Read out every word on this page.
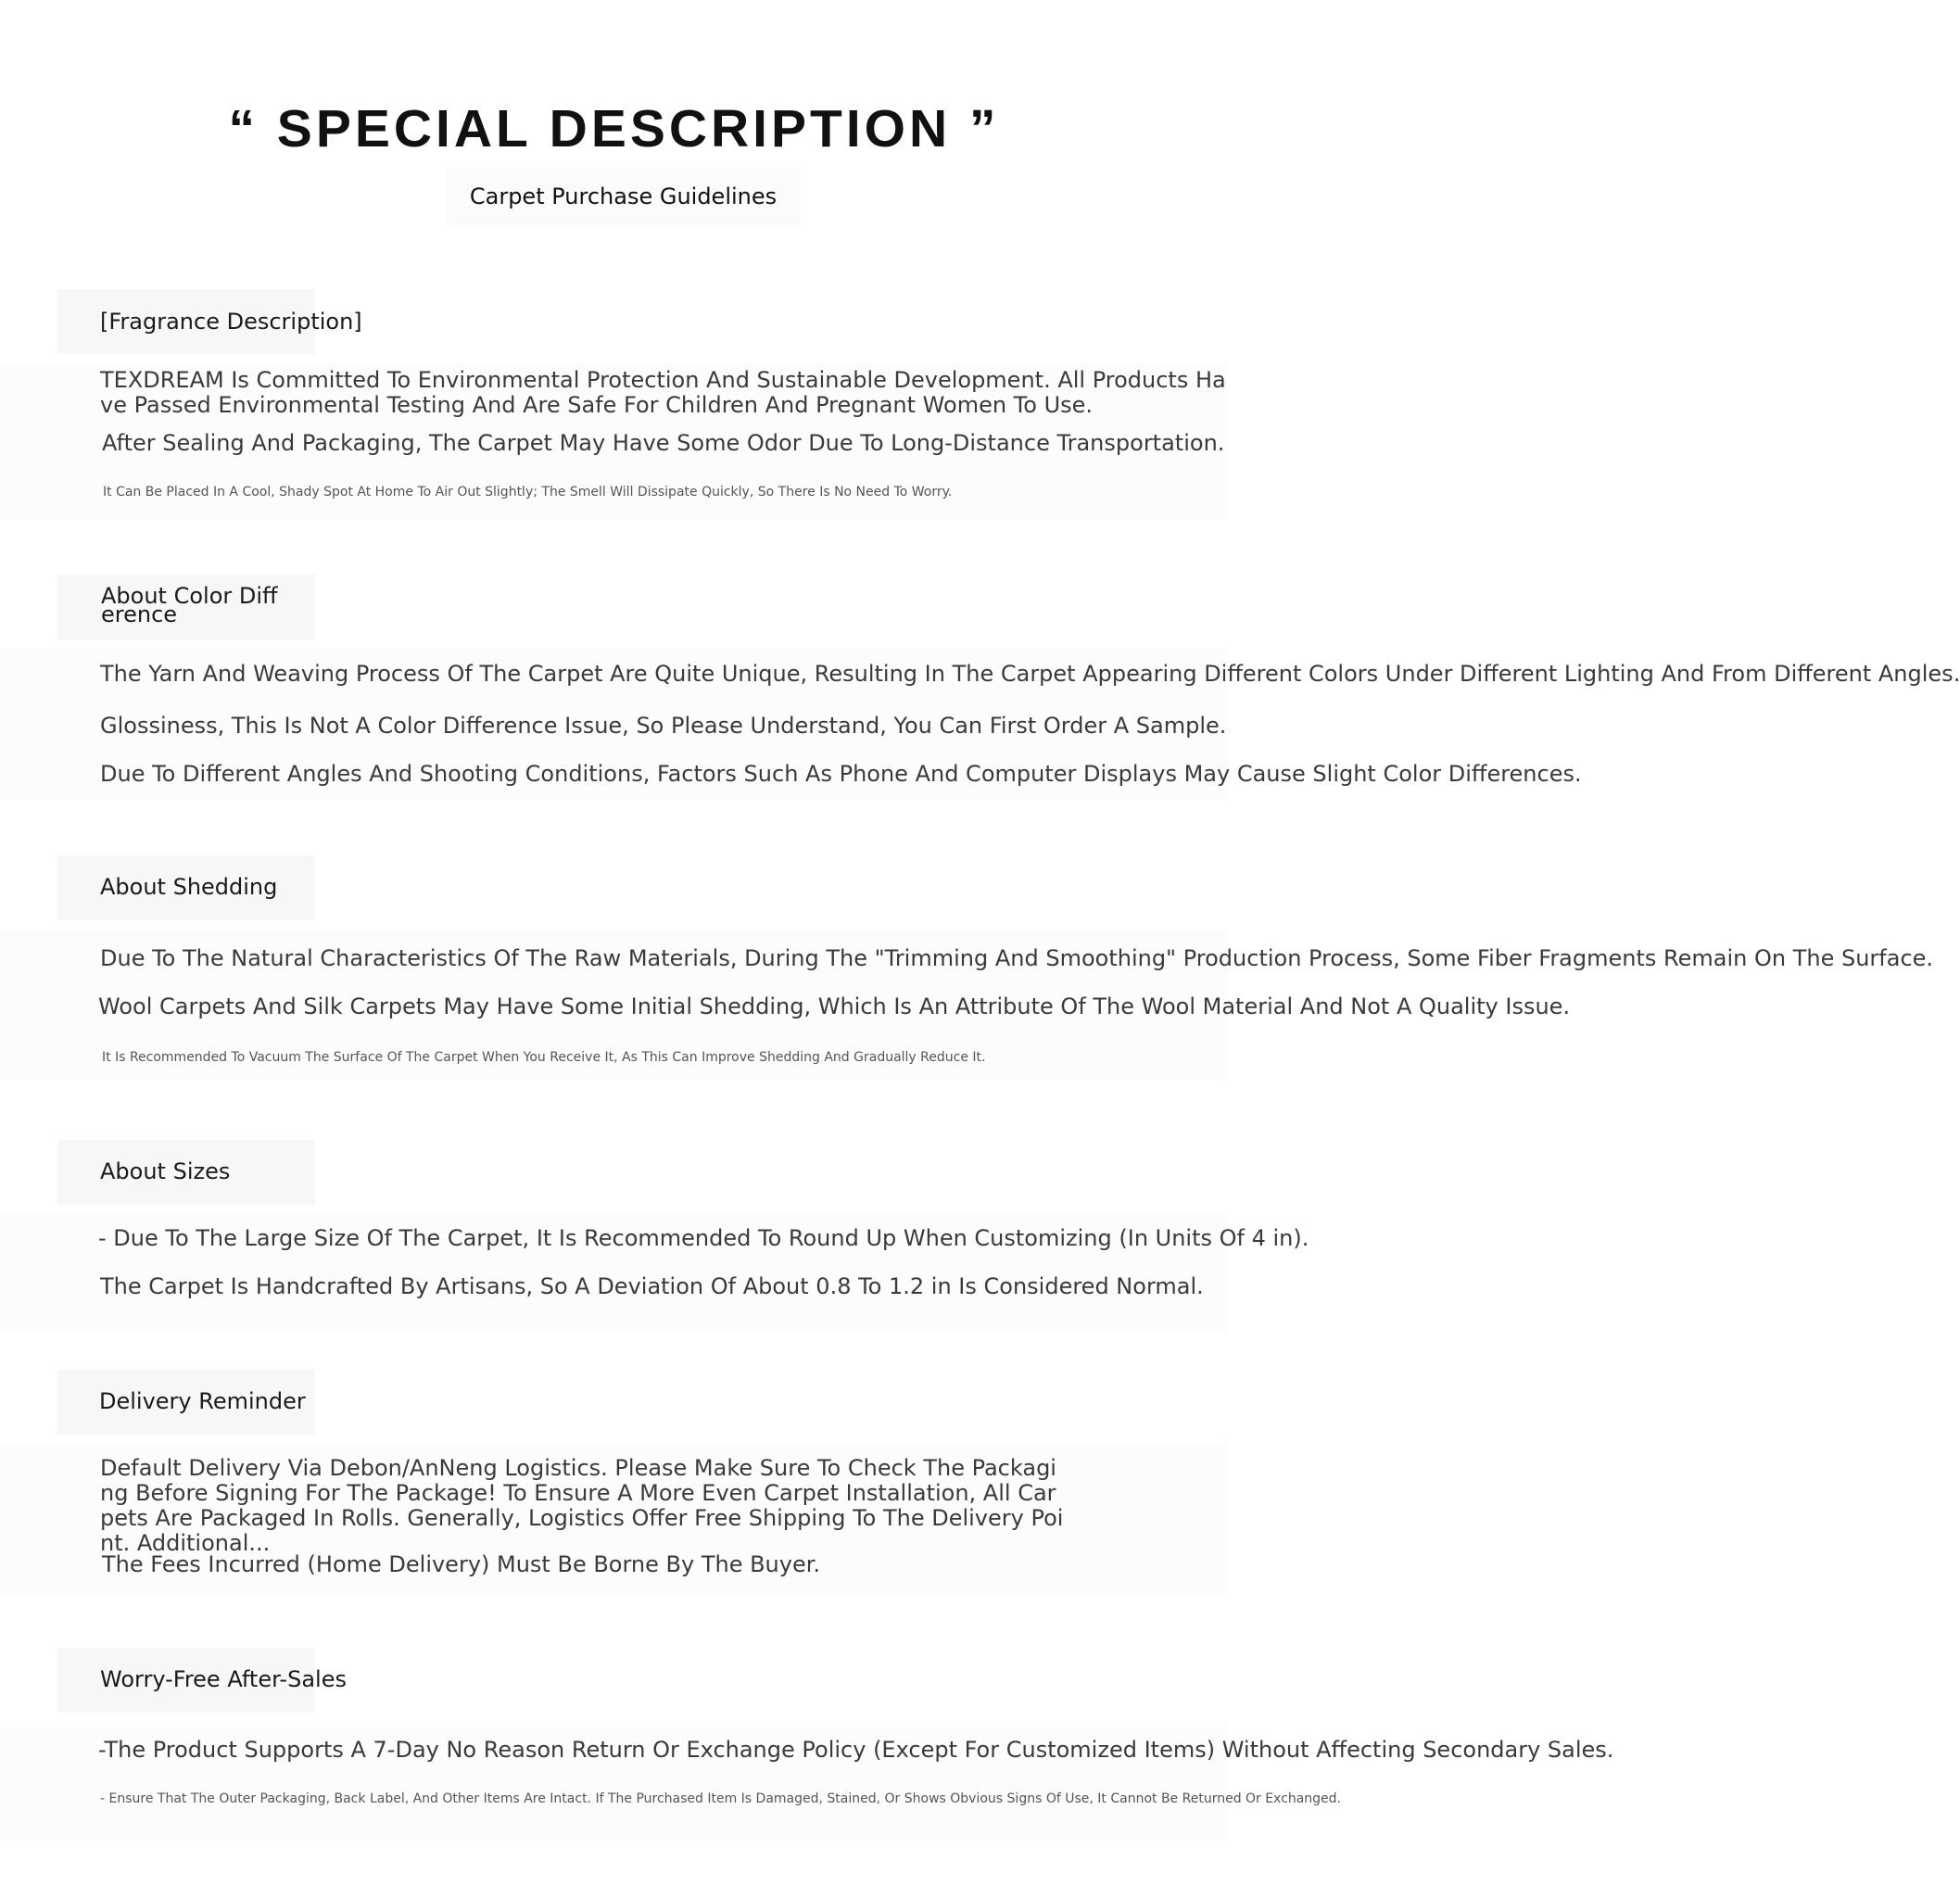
“ SPECIAL DESCRIPTION ”
Carpet Purchase Guidelines
[Fragrance Description]
TEXDREAM Is Committed To Environmental Protection And Sustainable Development. All Products Have Passed Environmental Testing And Are Safe For Children And Pregnant Women To Use.
After Sealing And Packaging, The Carpet May Have Some Odor Due To Long-Distance Transportation.
It Can Be Placed In A Cool, Shady Spot At Home To Air Out Slightly; The Smell Will Dissipate Quickly, So There Is No Need To Worry.
About Color Difference
The Yarn And Weaving Process Of The Carpet Are Quite Unique, Resulting In The Carpet Appearing Different Colors Under Different Lighting And From Different Angles.
Glossiness, This Is Not A Color Difference Issue, So Please Understand, You Can First Order A Sample.
Due To Different Angles And Shooting Conditions, Factors Such As Phone And Computer Displays May Cause Slight Color Differences.
About Shedding
Due To The Natural Characteristics Of The Raw Materials, During The "Trimming And Smoothing" Production Process, Some Fiber Fragments Remain On The Surface.
Wool Carpets And Silk Carpets May Have Some Initial Shedding, Which Is An Attribute Of The Wool Material And Not A Quality Issue.
It Is Recommended To Vacuum The Surface Of The Carpet When You Receive It, As This Can Improve Shedding And Gradually Reduce It.
About Sizes
- Due To The Large Size Of The Carpet, It Is Recommended To Round Up When Customizing (In Units Of 4 in).
The Carpet Is Handcrafted By Artisans, So A Deviation Of About 0.8 To 1.2 in Is Considered Normal.
Delivery Reminder
Default Delivery Via Debon/AnNeng Logistics. Please Make Sure To Check The Packaging Before Signing For The Package! To Ensure A More Even Carpet Installation, All Carpets Are Packaged In Rolls. Generally, Logistics Offer Free Shipping To The Delivery Point. Additional...
The Fees Incurred (Home Delivery) Must Be Borne By The Buyer.
Worry-Free After-Sales
-The Product Supports A 7-Day No Reason Return Or Exchange Policy (Except For Customized Items) Without Affecting Secondary Sales.
- Ensure That The Outer Packaging, Back Label, And Other Items Are Intact. If The Purchased Item Is Damaged, Stained, Or Shows Obvious Signs Of Use, It Cannot Be Returned Or Exchanged.
